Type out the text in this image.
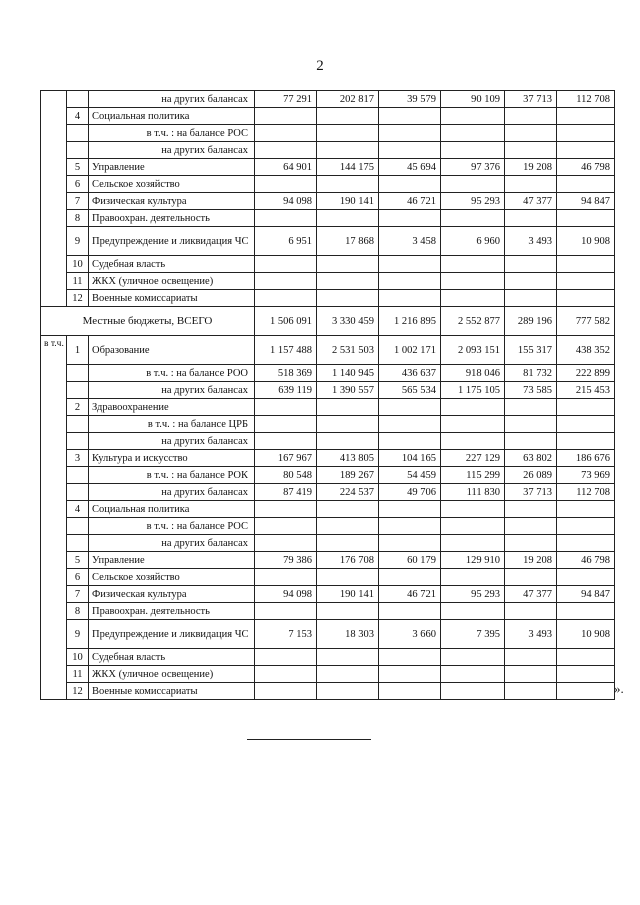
2
		на других балансах	77 291	202 817	39 579	90 109	37 713	112 708
	4	Социальная политика						
		в т.ч. : на балансе РОС						
		на других балансах						
	5	Управление	64 901	144 175	45 694	97 376	19 208	46 798
	6	Сельское хозяйство						
	7	Физическая культура	94 098	190 141	46 721	95 293	47 377	94 847
	8	Правоохран. деятельность						
	9	Предупреждение и ликвидация ЧС	6 951	17 868	3 458	6 960	3 493	10 908
	10	Судебная власть						
	11	ЖКХ (уличное освещение)						
	12	Военные комиссариаты						
Местные бюджеты, ВСЕГО			1 506 091	3 330 459	1 216 895	2 552 877	289 196	777 582
в т.ч.	1	Образование	1 157 488	2 531 503	1 002 171	2 093 151	155 317	438 352
		в т.ч. : на балансе РОО	518 369	1 140 945	436 637	918 046	81 732	222 899
		на других балансах	639 119	1 390 557	565 534	1 175 105	73 585	215 453
	2	Здравоохранение						
		в т.ч. : на балансе ЦРБ						
		на других балансах						
	3	Культура и искусство	167 967	413 805	104 165	227 129	63 802	186 676
		в т.ч. : на балансе РОК	80 548	189 267	54 459	115 299	26 089	73 969
		на других балансах	87 419	224 537	49 706	111 830	37 713	112 708
	4	Социальная политика						
		в т.ч. : на балансе РОС						
		на других балансах						
	5	Управление	79 386	176 708	60 179	129 910	19 208	46 798
	6	Сельское хозяйство						
	7	Физическая культура	94 098	190 141	46 721	95 293	47 377	94 847
	8	Правоохран. деятельность						
	9	Предупреждение и ликвидация ЧС	7 153	18 303	3 660	7 395	3 493	10 908
	10	Судебная власть						
	11	ЖКХ (уличное освещение)						
	12	Военные комиссариаты							».
